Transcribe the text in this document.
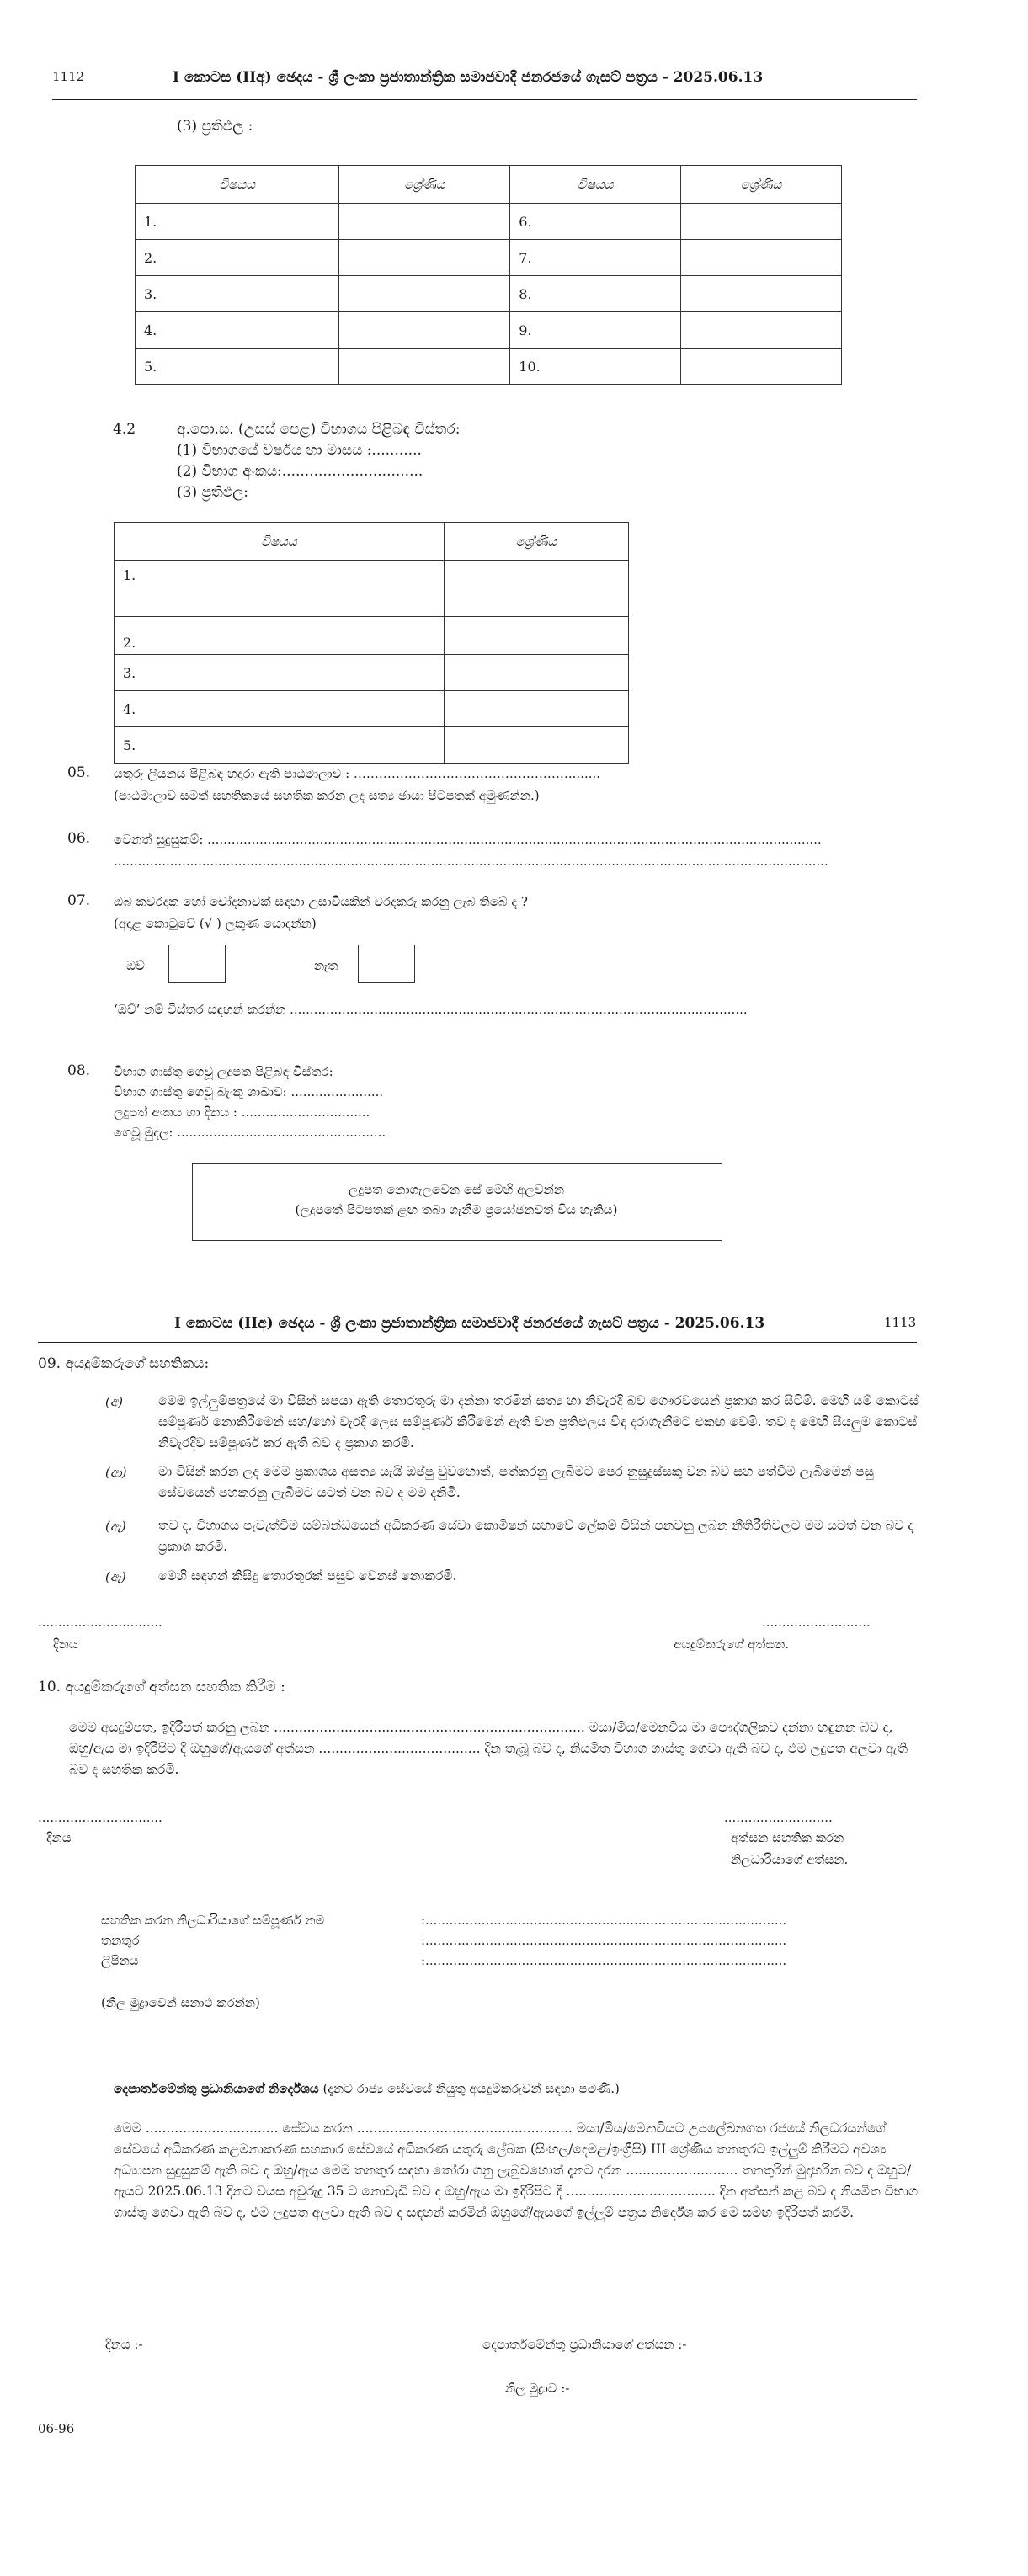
1112	I කොටස (IIඅ) ඡෙදය - ශ්‍රී ලංකා ප්‍රජාතාන්ත්‍රික සමාජවාදී ජනරජයේ ගැසට් පත්‍රය - 2025.06.13
(3) ප්‍රතිඵල :
විෂයය	ශ්‍රේණිය	විෂයය	ශ්‍රේණිය
1.		6.	
2.		7.	
3.		8.	
4.		9.	
5.		10.	
4.2	අ.පො.ස. (උසස් පෙළ) විභාගය පිළිබඳ විස්තර:
(1) විභාගයේ වර්ෂය හා මාසය :...........
(2) විභාග අංකය:...............................
(3) ප්‍රතිඵල:
විෂයය	ශ්‍රේණිය
1.	
2.	
3.	
4.	
5.	
05. යතුරු ලියනය පිළිබඳ හදාරා ඇති පාඨමාලාව : ……………………………………………........
(පාඨමාලාව සමත් සහතිකයේ සහතික කරන ලද සත්‍ය ඡායා පිටපතක් අමුණන්න.)
06. වෙනත් සුදුසුකම්: .........................................................................................................................................................
..................................................................................................................................................................................
07. ඔබ කවරදාක හෝ චෝදනාවක් සඳහා උසාවියකින් වරදකරු කරනු ලැබ තිබේ ද ?
(අදාළ කොටුවේ (√ ) ලකුණ යොදන්න)
ඔව්	නැත
‘ඔව්’ නම් විස්තර සඳහන් කරන්න ..................................................................................................................
08. විභාග ගාස්තු ගෙවූ ලදුපත පිළිබඳ විස්තර:
විභාග ගාස්තු ගෙවූ බැංකු ශාඛාව: .......................
ලදුපත් අංකය හා දිනය : ................................
ගෙවූ මුදල: ....................................................
ලදුපත නොගැලවෙන සේ මෙහි අලවන්න
(ලදුපතේ පිටපතක් ළඟ තබා ගැනීම ප්‍රයෝජනවත් විය හැකිය)
I කොටස (IIඅ) ඡෙදය - ශ්‍රී ලංකා ප්‍රජාතාන්ත්‍රික සමාජවාදී ජනරජයේ ගැසට් පත්‍රය - 2025.06.13	1113
09. අයදුම්කරුගේ සහතිකය:
(අ)	මෙම ඉල්ලුම්පත්‍රයේ මා විසින් සපයා ඇති තොරතුරු මා දන්නා තරමින් සත්‍ය හා නිවැරදි බව ගෞරවයෙන් ප්‍රකාශ කර සිටිමි. මෙහි යම් කොටස් සම්පූර්ණ නොකිරීමෙන් සහ/හෝ වැරදි ලෙස සම්පූර්ණ කිරීමෙන් ඇති වන ප්‍රතිඵලය විඳ දරාගැනීමට එකඟ වෙමි. තව ද මෙහි සියලුම කොටස් නිවැරදිව සම්පූර්ණ කර ඇති බව ද ප්‍රකාශ කරමි.
(ආ) මා විසින් කරන ලද මෙම ප්‍රකාශය අසත්‍ය යැයි ඔප්පු වුවහොත්, පත්කරනු ලැබීමට පෙර නුසුදුස්සකු වන බව සහ පත්වීම ලැබීමෙන් පසු සේවයෙන් පහකරනු ලැබීමට යටත් වන බව ද මම දනිමි.
(ඇ) තව ද, විභාගය පැවැත්වීම සම්බන්ධයෙන් අධිකරණ සේවා කොමිෂන් සභාවේ ලේකම් විසින් පනවනු ලබන නීතිරීතිවලට මම යටත් වන බව ද ප්‍රකාශ කරමි.
(ඈ) මෙහි සඳහන් කිසිදු තොරතුරක් පසුව වෙනස් නොකරමි.
...............................	...........................
දිනය	අයදුම්කරුගේ අත්සන.
10. අයදුම්කරුගේ අත්සන සහතික කිරීම :
මෙම අයදුම්පත, ඉදිරිපත් කරනු ලබන ........................................................................... මයා/මිය/මෙනවිය මා පෞද්ගලිකව දන්නා හඳුනන බව ද, ඔහු/ඇය මා ඉදිරිපිට දී ඔහුගේ/ඇයගේ අත්සන ....................................... දින තැබූ බව ද, නියමිත විභාග ගාස්තු ගෙවා ඇති බව ද, එම ලදුපත අලවා ඇති බව ද සහතික කරමි.
...............................	...........................
දිනය	අත්සන සහතික කරන
නිලධාරියාගේ අත්සන.
සහතික කරන නිලධාරියාගේ සම්පූර්ණ නම	:..........................................................................................
තනතුර	:..........................................................................................
ලිපිනය	:..........................................................................................
(නිල මුද්‍රාවෙන් සනාථ කරන්න)
දෙපාර්තමේන්තු ප්‍රධානියාගේ නිර්දේශය (දැනට රාජ්‍ය සේවයේ නියුතු අයදුම්කරුවන් සඳහා පමණි.)
මෙම ................................ සේවය කරන .................................................... මයා/මිය/මෙනවියට උපලේඛනගත රජයේ නිලධරයන්ගේ සේවයේ අධිකරණ කළමනාකරණ සහකාර සේවයේ අධිකරණ යතුරු ලේඛක (සිංහල/දෙමළ/ඉංග්‍රීසි) III ශ්‍රේණිය තනතුරට ඉල්ලුම් කිරීමට අවශ්‍ය අධ්‍යාපන සුදුසුකම් ඇති බව ද ඔහු/ඇය මෙම තනතුර සඳහා තෝරා ගනු ලැබුවහොත් දැනට දරන ........................... තනතුරින් මුදාහරින බව ද ඔහුට/ඇයට 2025.06.13 දිනට වයස අවුරුදු 35 ට නොවැඩි බව ද ඔහු/ඇය මා ඉදිරිපිට දී .................................... දින අත්සන් කළ බව ද නියමිත විභාග ගාස්තු ගෙවා ඇති බව ද, එම ලදුපත අලවා ඇති බව ද සඳහන් කරමින් ඔහුගේ/ඇයගේ ඉල්ලුම් පත්‍රය නිර්දේශ කර මෙ සමඟ ඉදිරිපත් කරමි.
දිනය :-	දෙපාර්තමේන්තු ප්‍රධානියාගේ අත්සන :-
නිල මුද්‍රාව :-
06-96
